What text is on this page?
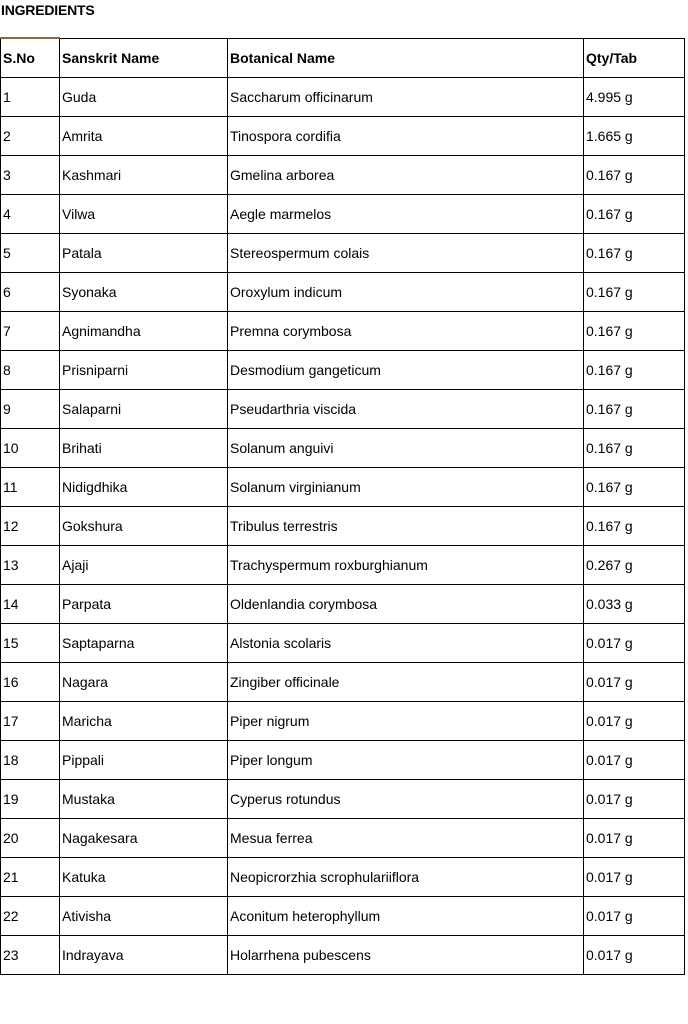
INGREDIENTS
S.No	Sanskrit Name	Botanical Name	Qty/Tab
1	Guda	Saccharum officinarum	4.995 g
2	Amrita	Tinospora cordifia	1.665 g
3	Kashmari	Gmelina arborea	0.167 g
4	Vilwa	Aegle marmelos	0.167 g
5	Patala	Stereospermum colais	0.167 g
6	Syonaka	Oroxylum indicum	0.167 g
7	Agnimandha	Premna corymbosa	0.167 g
8	Prisniparni	Desmodium gangeticum	0.167 g
9	Salaparni	Pseudarthria viscida	0.167 g
10	Brihati	Solanum anguivi	0.167 g
11	Nidigdhika	Solanum virginianum	0.167 g
12	Gokshura	Tribulus terrestris	0.167 g
13	Ajaji	Trachyspermum roxburghianum	0.267 g
14	Parpata	Oldenlandia corymbosa	0.033 g
15	Saptaparna	Alstonia scolaris	0.017 g
16	Nagara	Zingiber officinale	0.017 g
17	Maricha	Piper nigrum	0.017 g
18	Pippali	Piper longum	0.017 g
19	Mustaka	Cyperus rotundus	0.017 g
20	Nagakesara	Mesua ferrea	0.017 g
21	Katuka	Neopicrorzhia scrophulariiflora	0.017 g
22	Ativisha	Aconitum heterophyllum	0.017 g
23	Indrayava	Holarrhena pubescens	0.017 g
